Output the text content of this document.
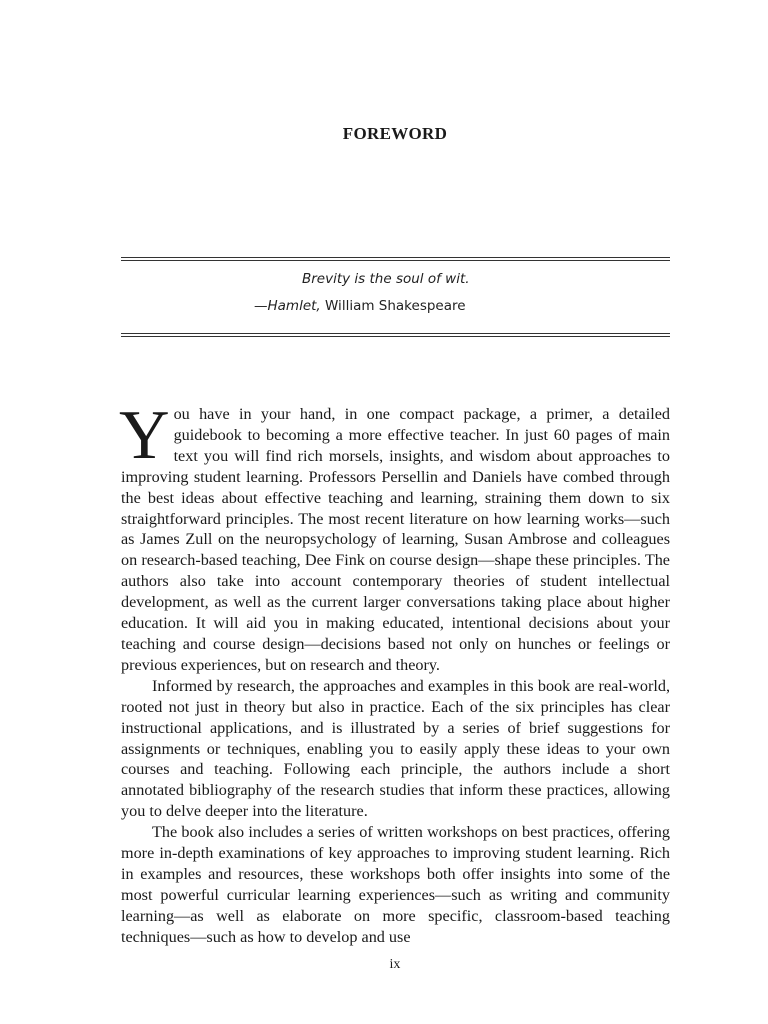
FOREWORD
Brevity is the soul of wit.
—Hamlet, William Shakespeare

You have in your hand, in one compact package, a primer, a detailed guidebook to becoming a more effective teacher. In just 60 pages of main text you will find rich morsels, insights, and wisdom about approaches to improving student learning. Professors Persellin and Daniels have combed through the best ideas about effective teaching and learning, straining them down to six straightforward principles. The most recent literature on how learning works—such as James Zull on the neuropsychology of learning, Susan Ambrose and colleagues on research-based teaching, Dee Fink on course design—shape these principles. The authors also take into account contemporary theories of student intellectual development, as well as the current larger conversations taking place about higher education. It will aid you in making educated, intentional decisions about your teaching and course design—decisions based not only on hunches or feelings or previous experiences, but on research and theory.

Informed by research, the approaches and examples in this book are real-world, rooted not just in theory but also in practice. Each of the six principles has clear instructional applications, and is illustrated by a series of brief suggestions for assignments or techniques, enabling you to easily apply these ideas to your own courses and teaching. Following each principle, the authors include a short annotated bibliography of the research studies that inform these practices, allowing you to delve deeper into the literature.

The book also includes a series of written workshops on best practices, offering more in-depth examinations of key approaches to improving student learning. Rich in examples and resources, these workshops both offer insights into some of the most powerful curricular learning experiences—such as writing and community learning—as well as elaborate on more specific, classroom-based teaching techniques—such as how to develop and use

ix
